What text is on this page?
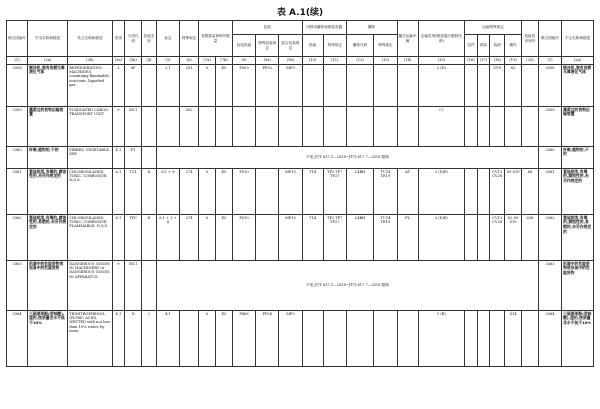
表 A.1(续)
联合国编号	中文名称和描述	英文名称和描述	类别	分类代码	包装类别	标志	特殊规定	有限数量和例外数量		包装			可移动罐柜和散装容器		罐体		罐式运输车辆	运输类别(隧道通行限制代码)	运输特殊规定				危险性识别号	联合国编号	中文名称和描述
										包装指南	特殊包装规定	混合包装规定	指南	特殊规定	罐体代码	特殊规定			包件	散装	装卸	操作			
(1)	(2a)	(2b)	(3a)	(3b)	(4)	(5)	(6)	(7a)	(7b)	(8)	(9a)	(9b)	(10)	(11)	(12)	(13)	(14)	(15)	(16)	(17)	(18)	(19)	(20)	(1)	(2a)
3358	制冷机,装有易燃无毒液化气体	REFRIGERATING MACHINES containing flammable, non-toxic, liquefied gas	2	6F		2.1	291	0	E0	P003	PP32	MP9						2 (D)			CV9	S2		3358	制冷机,装有易燃无毒液化气体
3359	熏蒸过的货物运输装置	FUMIGATED CARGO TRANSPORT UNIT	9	M11			302											(-)						3359	熏蒸过的货物运输装置
3360	纤维,植物的,干的	FIBRES, VEGETABLE, DRY	4.1	F1		不受 JT/T 617.1—2018~JT/T 617.7—2018 限制																		3360	纤维,植物的,干的
3361	氯硅烷类,有毒的,腐蚀性的,未另作规定的	CHLOROSILANES, TOXIC, CORROSIVE, N.O.S.	6.1	TC1	II	6.1 + 8	274	0	E0	P010		MP15	T14	TP2 TP7 TP27	L4BH	TU14 TE19	AT	2 (D/E)			CV13 CV28	S9 S19	68	3361	氯硅烷类,有毒的,腐蚀性的,未另作规定的
3362	氯硅烷类,有毒的,腐蚀性的,易燃的,未另作规定的	CHLOROSILANES, TOXIC, CORROSIVE, FLAMMABLE, N.O.S.	6.1	TFC	II	6.1 + 3 + 8	274	0	E0	P010		MP15	T14	TP2 TP7 TP27	L4BH	TU14 TE19	FL	2 (D/E)			CV13 CV28	S2 S9 S19	638	3362	氯硅烷类,有毒的,腐蚀性的,易燃的,未另作规定的
3363	机器中的危险货物或设备中的危险货物	DANGEROUS GOODS IN MACHINERY or DANGEROUS GOODS IN APPARATUS	9	M11		不受 JT/T 617.1—2018~JT/T 617.7—2018 限制																		3363	机器中的危险货物或设备中的危险货物
3364	三硝基苯酚(苦味酸),湿的,按质量含水不低于10%	TRINITROPHENOL (PICRIC ACID), WETTED with not less than 10% water, by mass	4.1	D	I	4.1		0	E0	P406	PP24	MP2						1 (B)				S14		3364	三硝基苯酚(苦味酸),湿的,按质量含水不低于10%
